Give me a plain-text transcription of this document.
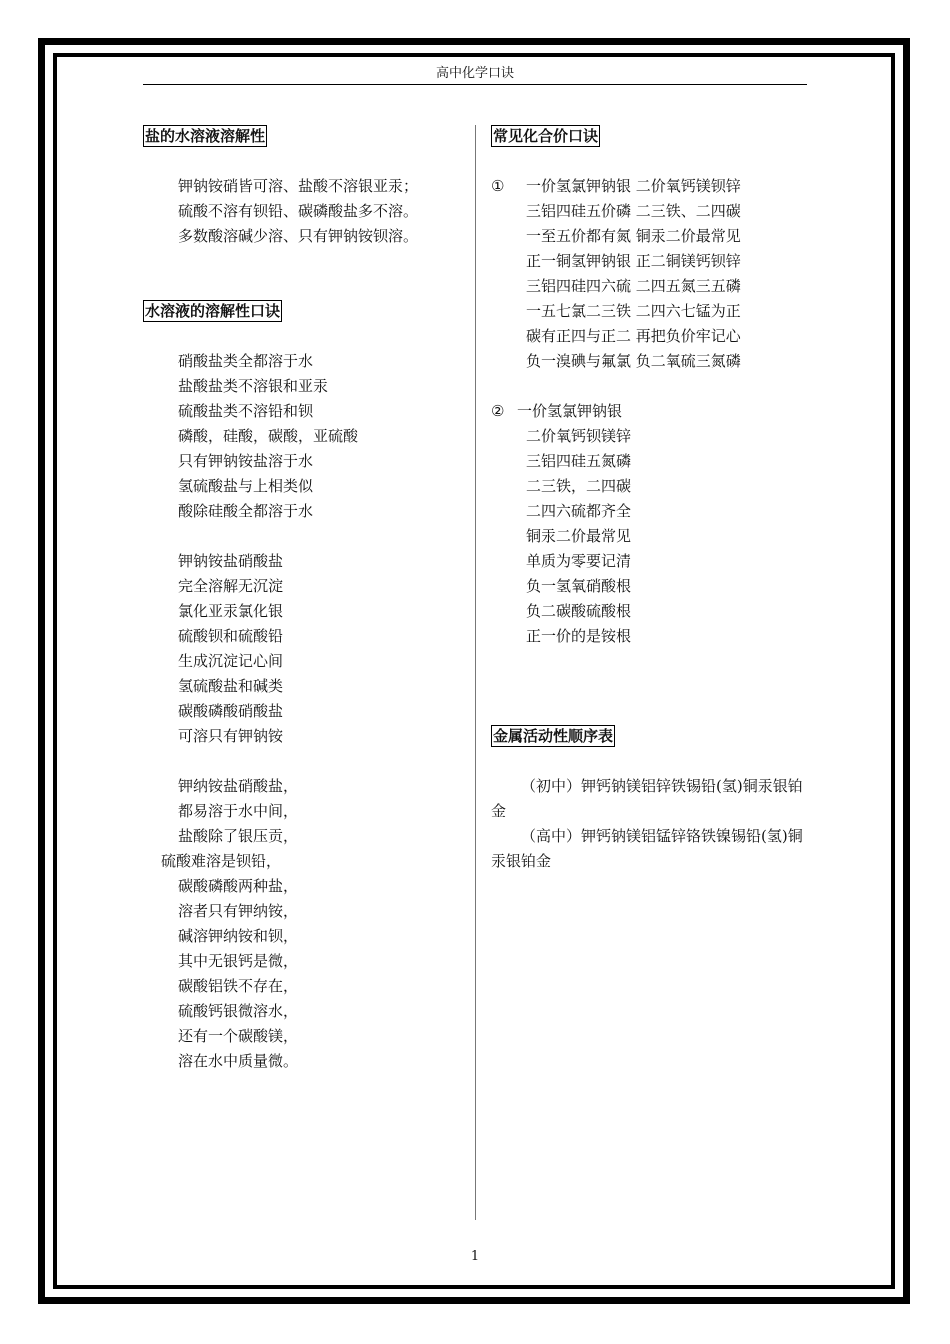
高中化学口诀
盐的水溶液溶解性
钾钠铵硝皆可溶、盐酸不溶银亚汞；
硫酸不溶有钡铅、碳磷酸盐多不溶。
多数酸溶碱少溶、只有钾钠铵钡溶。
水溶液的溶解性口诀
硝酸盐类全都溶于水
盐酸盐类不溶银和亚汞
硫酸盐类不溶铅和钡
磷酸，硅酸，碳酸，亚硫酸
只有钾钠铵盐溶于水
氢硫酸盐与上相类似
酸除硅酸全都溶于水
钾钠铵盐硝酸盐
完全溶解无沉淀
氯化亚汞氯化银
硫酸钡和硫酸铅
生成沉淀记心间
氢硫酸盐和碱类
碳酸磷酸硝酸盐
可溶只有钾钠铵
钾纳铵盐硝酸盐，
都易溶于水中间，
盐酸除了银压贡，
硫酸难溶是钡铅，
碳酸磷酸两种盐，
溶者只有钾纳铵，
碱溶钾纳铵和钡，
其中无银钙是微，
碳酸铝铁不存在，
硫酸钙银微溶水，
还有一个碳酸镁，
溶在水中质量微。
常见化合价口诀
①	一价氢氯钾钠银 二价氧钙镁钡锌
三铝四硅五价磷 二三铁、二四碳
一至五价都有氮 铜汞二价最常见
正一铜氢钾钠银 正二铜镁钙钡锌
三铝四硅四六硫 二四五氮三五磷
一五七氯二三铁 二四六七锰为正
碳有正四与正二 再把负价牢记心
负一溴碘与氟氯 负二氧硫三氮磷
② 一价氢氯钾钠银
二价氧钙钡镁锌
三铝四硅五氮磷
二三铁，二四碳
二四六硫都齐全
铜汞二价最常见
单质为零要记清
负一氢氧硝酸根
负二碳酸硫酸根
正一价的是铵根
金属活动性顺序表
（初中）钾钙钠镁铝锌铁锡铅(氢)铜汞银铂金
（高中）钾钙钠镁铝锰锌铬铁镍锡铅(氢)铜汞银铂金
1
